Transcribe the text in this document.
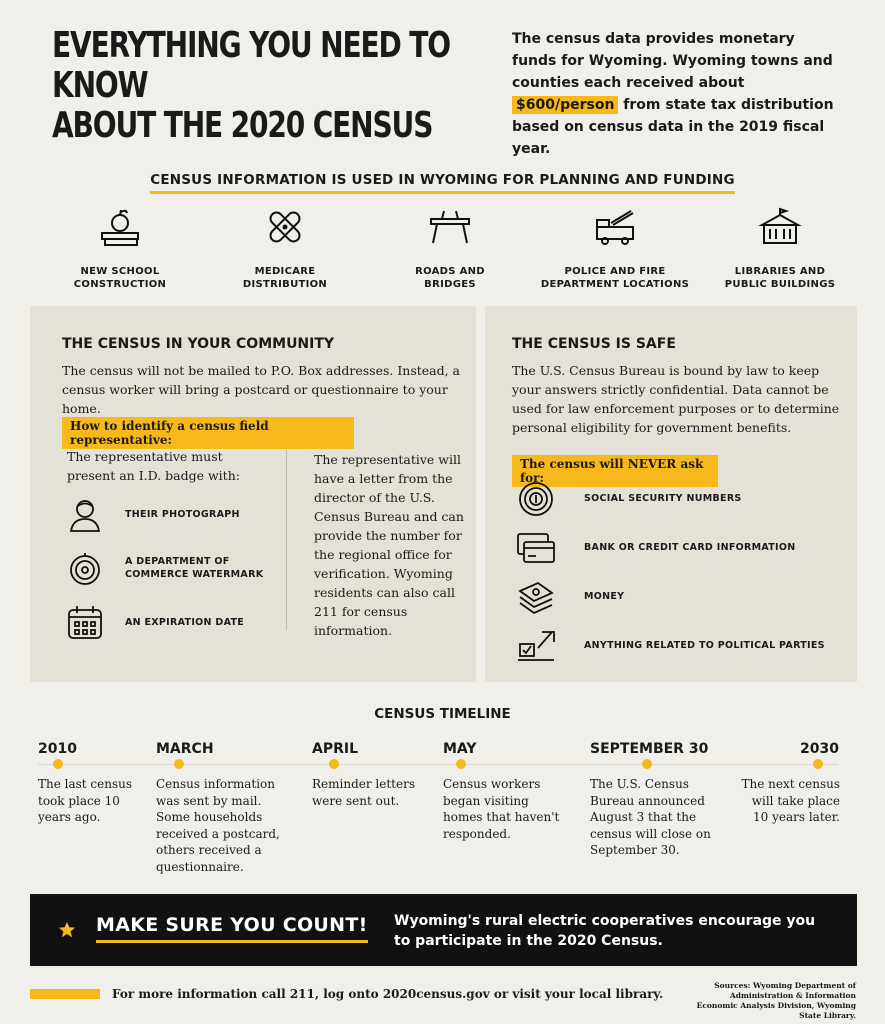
EVERYTHING YOU NEED TO KNOW
ABOUT THE 2020 CENSUS
The census data provides monetary funds for Wyoming. Wyoming towns and counties each received about $600/person from state tax distribution based on census data in the 2019 fiscal year.
CENSUS INFORMATION IS USED IN WYOMING FOR PLANNING AND FUNDING
NEW SCHOOL
CONSTRUCTION
MEDICARE
DISTRIBUTION
ROADS AND
BRIDGES
POLICE AND FIRE
DEPARTMENT LOCATIONS
LIBRARIES AND
PUBLIC BUILDINGS
THE CENSUS IN YOUR COMMUNITY
The census will not be mailed to P.O. Box addresses. Instead, a census worker will bring a postcard or questionnaire to your home.
How to identify a census field representative:
The representative must present an I.D. badge with:
THEIR PHOTOGRAPH
A DEPARTMENT OF
COMMERCE WATERMARK
AN EXPIRATION DATE
The representative will have a letter from the director of the U.S. Census Bureau and can provide the number for the regional office for verification. Wyoming residents can also call 211 for census information.
THE CENSUS IS SAFE
The U.S. Census Bureau is bound by law to keep your answers strictly confidential. Data cannot be used for law enforcement purposes or to determine personal eligibility for government benefits.
The census will NEVER ask for:
SOCIAL SECURITY NUMBERS
BANK OR CREDIT CARD INFORMATION
MONEY
ANYTHING RELATED TO POLITICAL PARTIES
CENSUS TIMELINE
2010
The last census took place 10 years ago.
MARCH
Census information was sent by mail. Some households received a postcard, others received a questionnaire.
APRIL
Reminder letters were sent out.
MAY
Census workers began visiting homes that haven't responded.
SEPTEMBER 30
The U.S. Census Bureau announced August 3 that the census will close on September 30.
2030
The next census will take place 10 years later.
MAKE SURE YOU COUNT! Wyoming's rural electric cooperatives encourage you to participate in the 2020 Census.
For more information call 211, log onto 2020census.gov or visit your local library.
Sources: Wyoming Department of Administration & Information Economic Analysis Division, Wyoming State Library.
